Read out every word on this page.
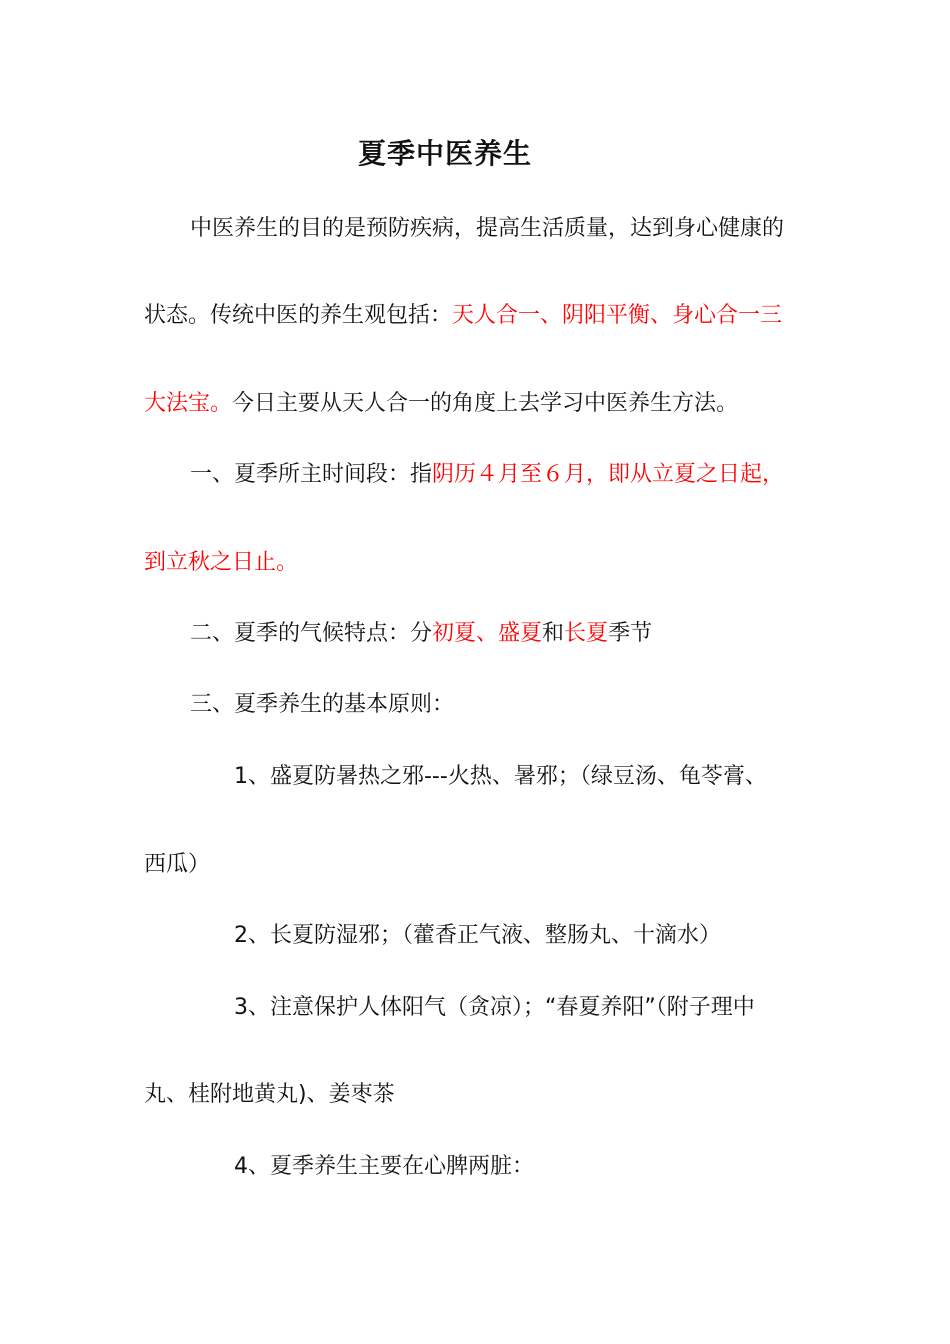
夏季中医养生
中医养生的目的是预防疾病，提高生活质量，达到身心健康的
状态。传统中医的养生观包括：天人合一、阴阳平衡、身心合一三
大法宝。今日主要从天人合一的角度上去学习中医养生方法。
一、夏季所主时间段：指阴历４月至６月，即从立夏之日起，
到立秋之日止。
二、夏季的气候特点：分初夏、盛夏和长夏季节
三、夏季养生的基本原则：
1、盛夏防暑热之邪---火热、暑邪；（绿豆汤、龟苓膏、
西瓜）
2、长夏防湿邪；（藿香正气液、整肠丸、十滴水）
3、注意保护人体阳气（贪凉）；“春夏养阳”（附子理中
丸、桂附地黄丸)、姜枣茶
4、夏季养生主要在心脾两脏：
